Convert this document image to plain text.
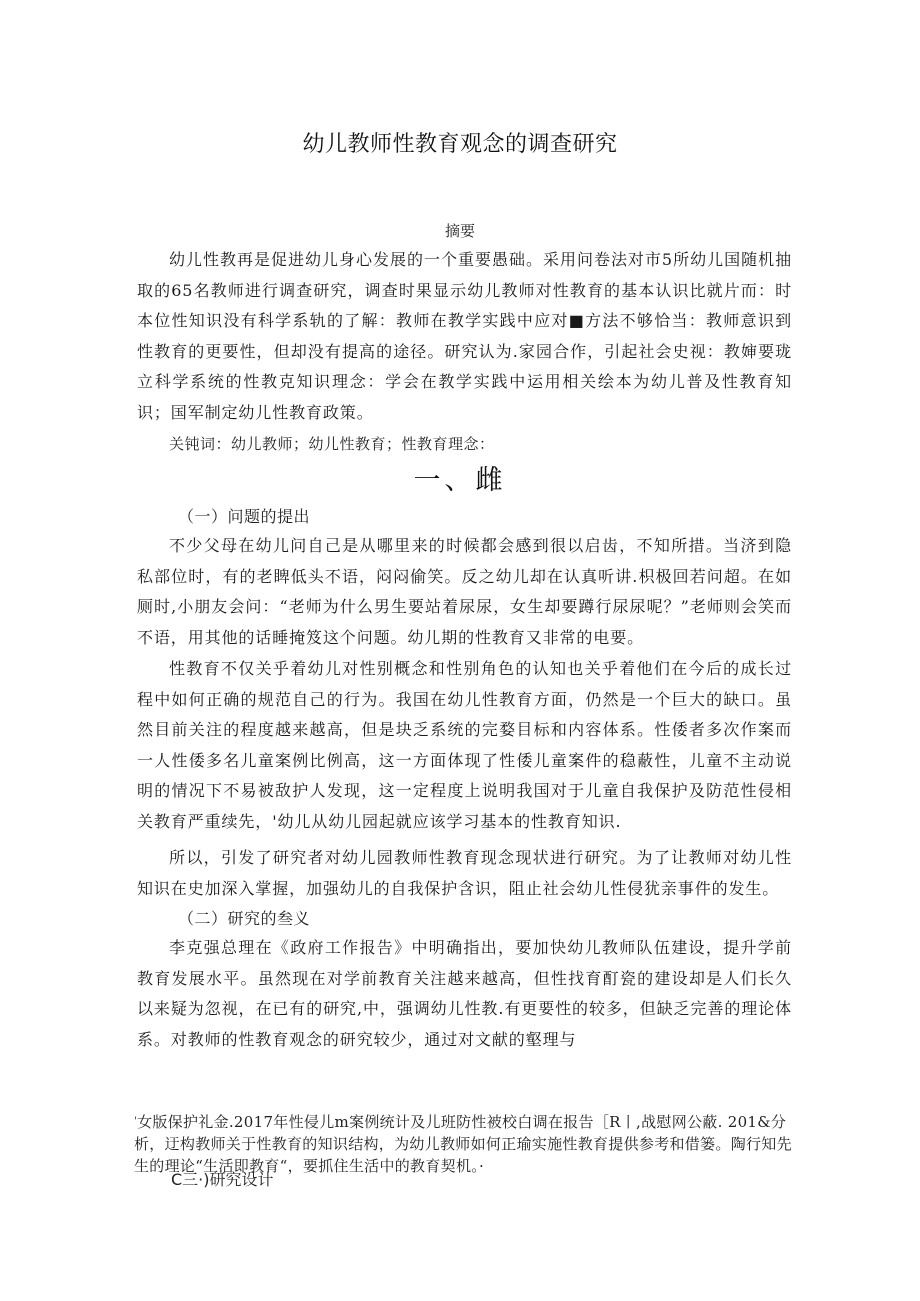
幼儿教师性教育观念的调查研究
摘要

幼儿性教再是促进幼儿身心发展的一个重要愚础。采用问卷法对市5所幼儿国随机抽取的65名教师进行调查研究，调查时果显示幼儿教师对性教育的基本认识比就片而：时本位性知识没有科学系轨的了解：教师在教学实践中应对■方法不够恰当：教师意识到性教育的更要性，但却没有提高的途径。研究认为.家园合作，引起社会史视：教婶要珑立科学系统的性教克知识理念：学会在教学实践中运用相关绘本为幼儿普及性教育知识；国军制定幼儿性教育政策。

关钝词：幼儿教师；幼儿性教育；性教育理念：
一、雌
（一）问题的提出

不少父母在幼儿问自己是从哪里来的时候都会感到很以启齿，不知所措。当济到隐私部位时，有的老睥低头不语，闷闷偷笑。反之幼儿却在认真听讲.枳极回若问超。在如厕时,小朋友会问：“老师为什么男生要站着尿尿，女生却要蹲行尿尿呢？”老师则会笑而不语，用其他的话睡掩笈这个问题。幼儿期的性教育又非常的电要。

性教育不仅关乎着幼儿对性别概念和性别角色的认知也关乎着他们在今后的成长过程中如何正确的规范自己的行为。我国在幼儿性教育方面，仍然是一个巨大的缺口。虽然目前关注的程度越来越高，但是块乏系统的完婺目标和内容体系。性倭者多次作案而一人性倭多名儿童案例比例高，这一方面体现了性倭儿童案件的稳蔽性，儿童不主动说明的情况下不易被敌护人发现，这一定程度上说明我国对于儿童自我保护及防范性侵相关教育严重续先，'幼儿从幼儿园起就应该学习基本的性教育知识.

所以，引发了研究者对幼儿园教师性教育现念现状进行研究。为了让教师对幼儿性知识在史加深入掌握，加强幼儿的自我保护含识，阻止社会幼儿性侵犹亲事件的发生。

（二）研究的叁义

李克强总理在《政府工作报告》中明确指出，要加快幼儿教师队伍建设，提升学前教育发展水平。虽然现在对学前教育关注越来越高，但性找育酊瓷的建设却是人们长久以来疑为忽视，在已有的研究,中，强调幼儿性教.有更要性的较多，但缺乏完善的理论体系。对教师的性教育观念的研究较少，通过对文献的壑理与

'女版保护礼金.2017年性侵儿m案例统计及儿班防性被校白调在报告［R丨,战慰网公蔽. 201&分析，迂构教师关于性教育的知识结构，为幼儿教师如何正瑜实施性教育提供参考和借篓。陶行知先生的理论“生活即教育“，要抓住生活中的教育契机。·
C三·)研究设计
